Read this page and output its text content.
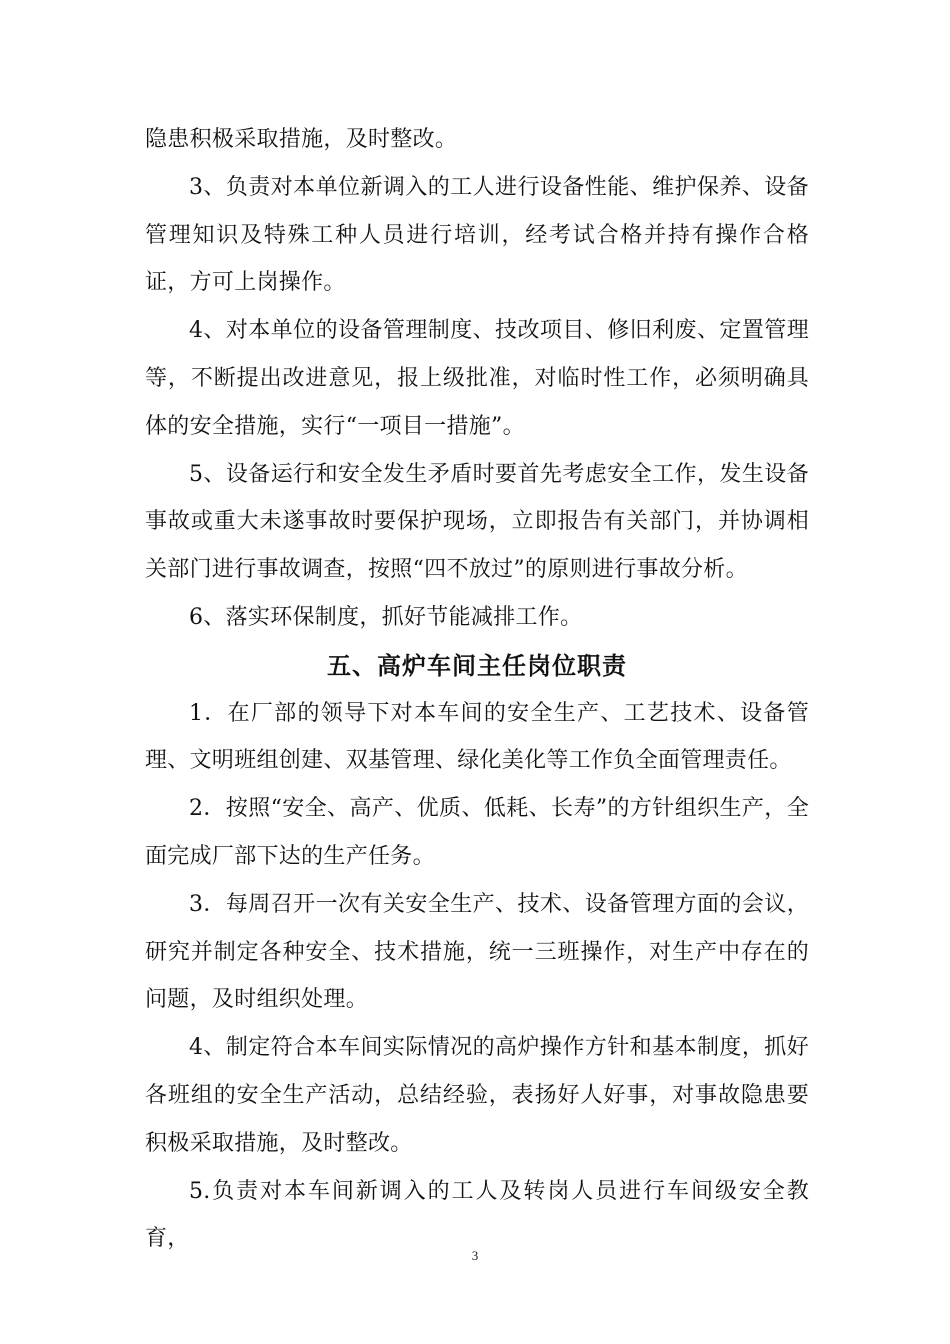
隐患积极采取措施，及时整改。

3、负责对本单位新调入的工人进行设备性能、维护保养、设备管理知识及特殊工种人员进行培训，经考试合格并持有操作合格证，方可上岗操作。

4、对本单位的设备管理制度、技改项目、修旧利废、定置管理等，不断提出改进意见，报上级批准，对临时性工作，必须明确具体的安全措施，实行“一项目一措施”。

5、设备运行和安全发生矛盾时要首先考虑安全工作，发生设备事故或重大未遂事故时要保护现场，立即报告有关部门，并协调相关部门进行事故调查，按照“四不放过”的原则进行事故分析。

6、落实环保制度，抓好节能减排工作。

五、高炉车间主任岗位职责

1．在厂部的领导下对本车间的安全生产、工艺技术、设备管理、文明班组创建、双基管理、绿化美化等工作负全面管理责任。

2．按照“安全、高产、优质、低耗、长寿”的方针组织生产，全面完成厂部下达的生产任务。

3．每周召开一次有关安全生产、技术、设备管理方面的会议，研究并制定各种安全、技术措施，统一三班操作，对生产中存在的问题，及时组织处理。

4、制定符合本车间实际情况的高炉操作方针和基本制度，抓好各班组的安全生产活动，总结经验，表扬好人好事，对事故隐患要积极采取措施，及时整改。

5.负责对本车间新调入的工人及转岗人员进行车间级安全教育，

3
